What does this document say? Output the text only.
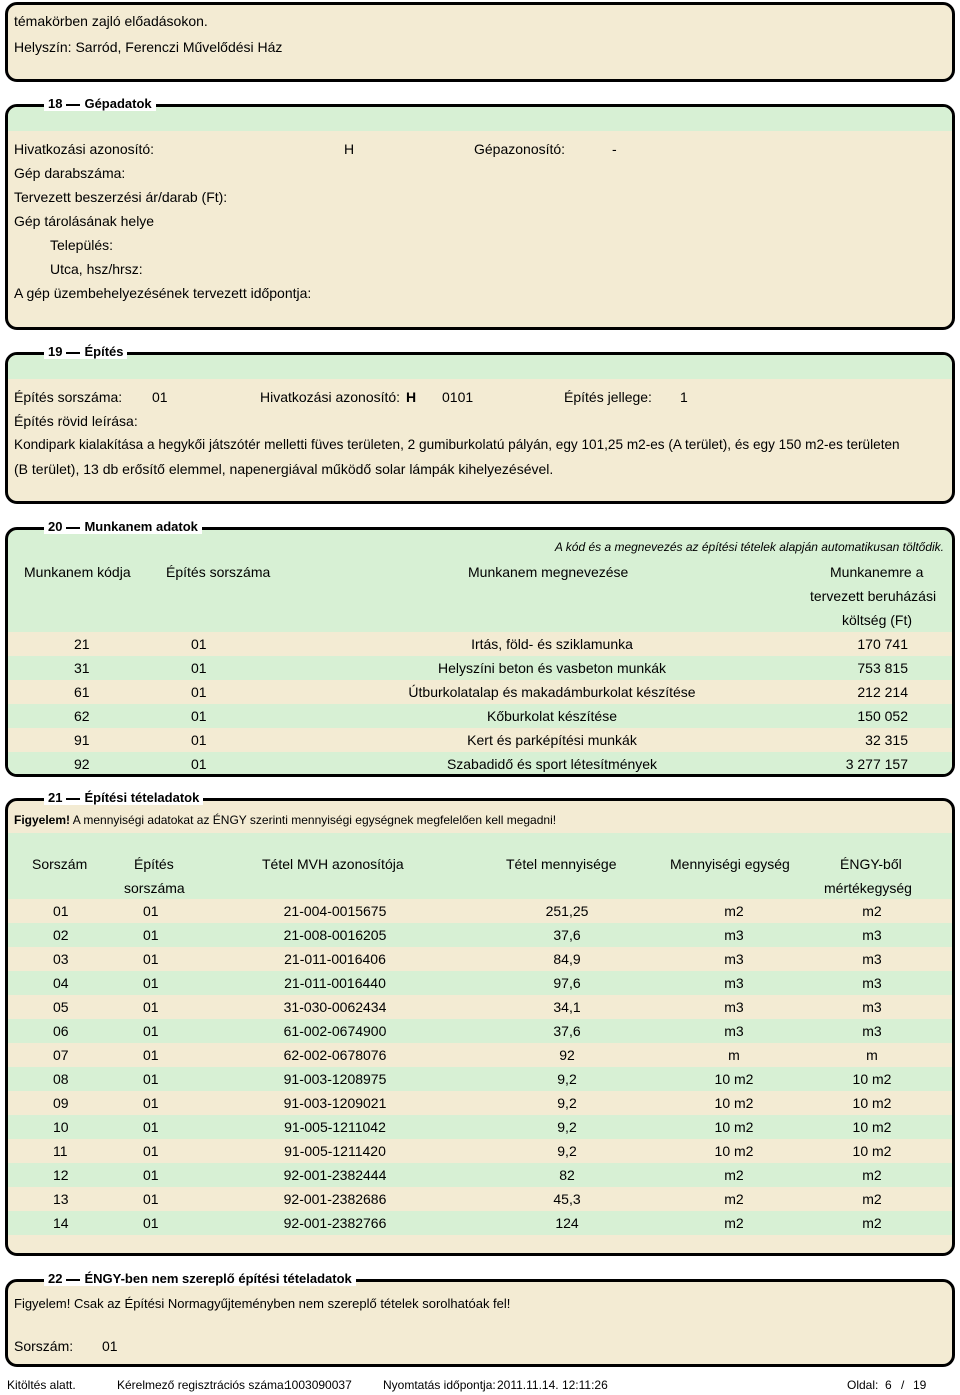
témakörben zajló előadásokon.
Helyszín: Sarród, Ferenczi Művelődési Ház
18 Gépadatok
Hivatkozási azonosító:	H	Gépazonosító:	-
Gép darabszáma:
Tervezett beszerzési ár/darab (Ft):
Gép tárolásának helye
Település:
Utca, hsz/hrsz:
A gép üzembehelyezésének tervezett időpontja:
19 Építés
Építés sorszáma: 01	Hivatkozási azonosító: H 0101	Építés jellege: 1
Építés rövid leírása:
Kondipark kialakítása a hegykői játszótér melletti füves területen, 2 gumiburkolatú pályán, egy 101,25 m2-es (A terület), és egy 150 m2-es területen
(B terület), 13 db erősítő elemmel, napenergiával működő solar lámpák kihelyezésével.
20 Munkanem adatok
A kód és a megnevezés az építési tételek alapján automatikusan töltődik.
Munkanem kódja	Építés sorszáma	Munkanem megnevezése	Munkanemre a
tervezett beruházási
költség (Ft)
21	01	Irtás, föld- és sziklamunka	170 741
31	01	Helyszíni beton és vasbeton munkák	753 815
61	01	Útburkolatalap és makadámburkolat készítése	212 214
62	01	Kőburkolat készítése	150 052
91	01	Kert és parképítési munkák	32 315
92	01	Szabadidő és sport létesítmények	3 277 157
21 Építési tételadatok
Figyelem! A mennyiségi adatokat az ÉNGY szerinti mennyiségi egységnek megfelelően kell megadni!
Sorszám	Építés
sorszáma
Tétel MVH azonosítója	Tétel mennyisége	Mennyiségi egység	ÉNGY-ből
mértékegység
01	01	21-004-0015675	251,25	m2	m2
02	01	21-008-0016205	37,6	m3	m3
03	01	21-011-0016406	84,9	m3	m3
04	01	21-011-0016440	97,6	m3	m3
05	01	31-030-0062434	34,1	m3	m3
06	01	61-002-0674900	37,6	m3	m3
07	01	62-002-0678076	92	m	m
08	01	91-003-1208975	9,2	10 m2	10 m2
09	01	91-003-1209021	9,2	10 m2	10 m2
10	01	91-005-1211042	9,2	10 m2	10 m2
11	01	91-005-1211420	9,2	10 m2	10 m2
12	01	92-001-2382444	82	m2	m2
13	01	92-001-2382686	45,3	m2	m2
14	01	92-001-2382766	124	m2	m2
22 ÉNGY-ben nem szereplő építési tételadatok
Figyelem! Csak az Építési Normagyűjteményben nem szereplő tételek sorolhatóak fel!
Sorszám: 01
Kitöltés alatt.	Kérelmező regisztrációs száma:
1003090037	Nyomtatás időpontja: 2011.11.14. 12:11:26	Oldal: 6 / 19
